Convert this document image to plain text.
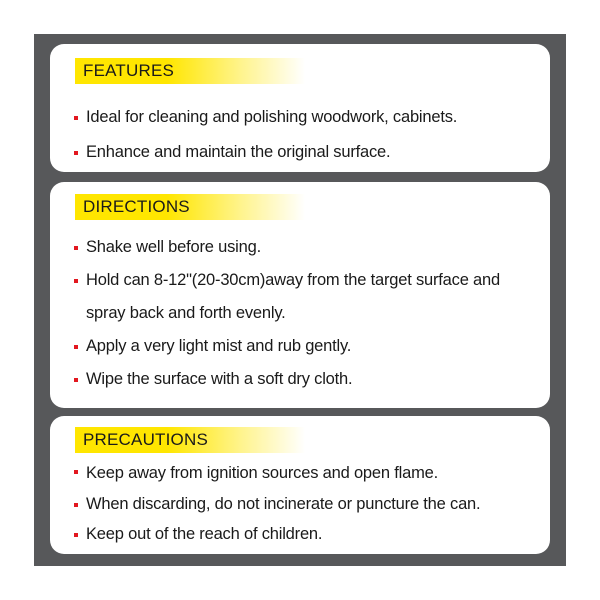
FEATURES
Ideal for cleaning and polishing woodwork, cabinets.
Enhance and maintain the original surface.
DIRECTIONS
Shake well before using.
Hold can 8-12"(20-30cm)away from the target surface and
spray back and forth evenly.
Apply a very light mist and rub gently.
Wipe the surface with a soft dry cloth.
PRECAUTIONS
Keep away from ignition sources and open flame.
When discarding, do not incinerate or puncture the can.
Keep out of the reach of children.
